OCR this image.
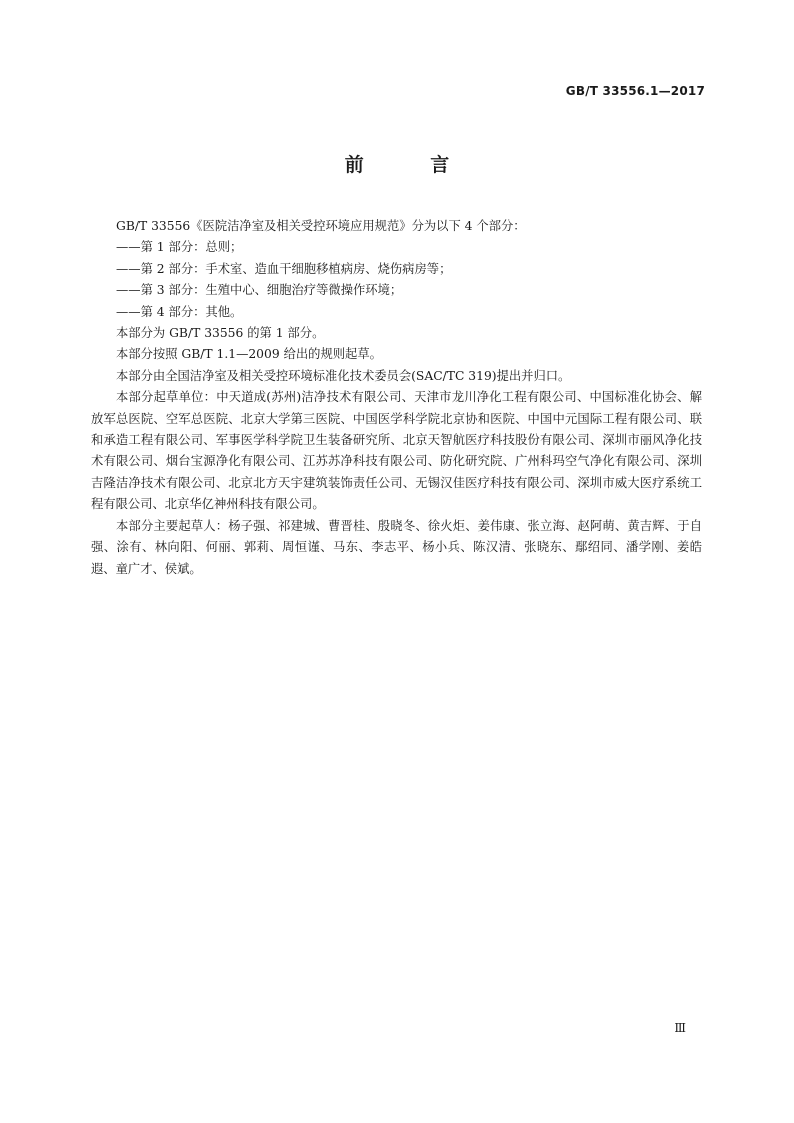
GB/T 33556.1—2017
前 言

GB/T 33556《医院洁净室及相关受控环境应用规范》分为以下 4 个部分：

——第 1 部分：总则；

——第 2 部分：手术室、造血干细胞移植病房、烧伤病房等；

——第 3 部分：生殖中心、细胞治疗等微操作环境；

——第 4 部分：其他。

本部分为 GB/T 33556 的第 1 部分。

本部分按照 GB/T 1.1—2009 给出的规则起草。

本部分由全国洁净室及相关受控环境标准化技术委员会(SAC/TC 319)提出并归口。

本部分起草单位：中天道成(苏州)洁净技术有限公司、天津市龙川净化工程有限公司、中国标准化协会、解放军总医院、空军总医院、北京大学第三医院、中国医学科学院北京协和医院、中国中元国际工程有限公司、联和承造工程有限公司、军事医学科学院卫生装备研究所、北京天智航医疗科技股份有限公司、深圳市丽风净化技术有限公司、烟台宝源净化有限公司、江苏苏净科技有限公司、防化研究院、广州科玛空气净化有限公司、深圳吉隆洁净技术有限公司、北京北方天宇建筑装饰责任公司、无锡汉佳医疗科技有限公司、深圳市威大医疗系统工程有限公司、北京华亿神州科技有限公司。

本部分主要起草人：杨子强、祁建城、曹晋桂、殷晓冬、徐火炬、姜伟康、张立海、赵阿萌、黄吉辉、于自强、涂有、林向阳、何丽、郭莉、周恒谨、马东、李志平、杨小兵、陈汉清、张晓东、鄢绍同、潘学刚、姜皓遐、童广才、侯斌。

Ⅲ
